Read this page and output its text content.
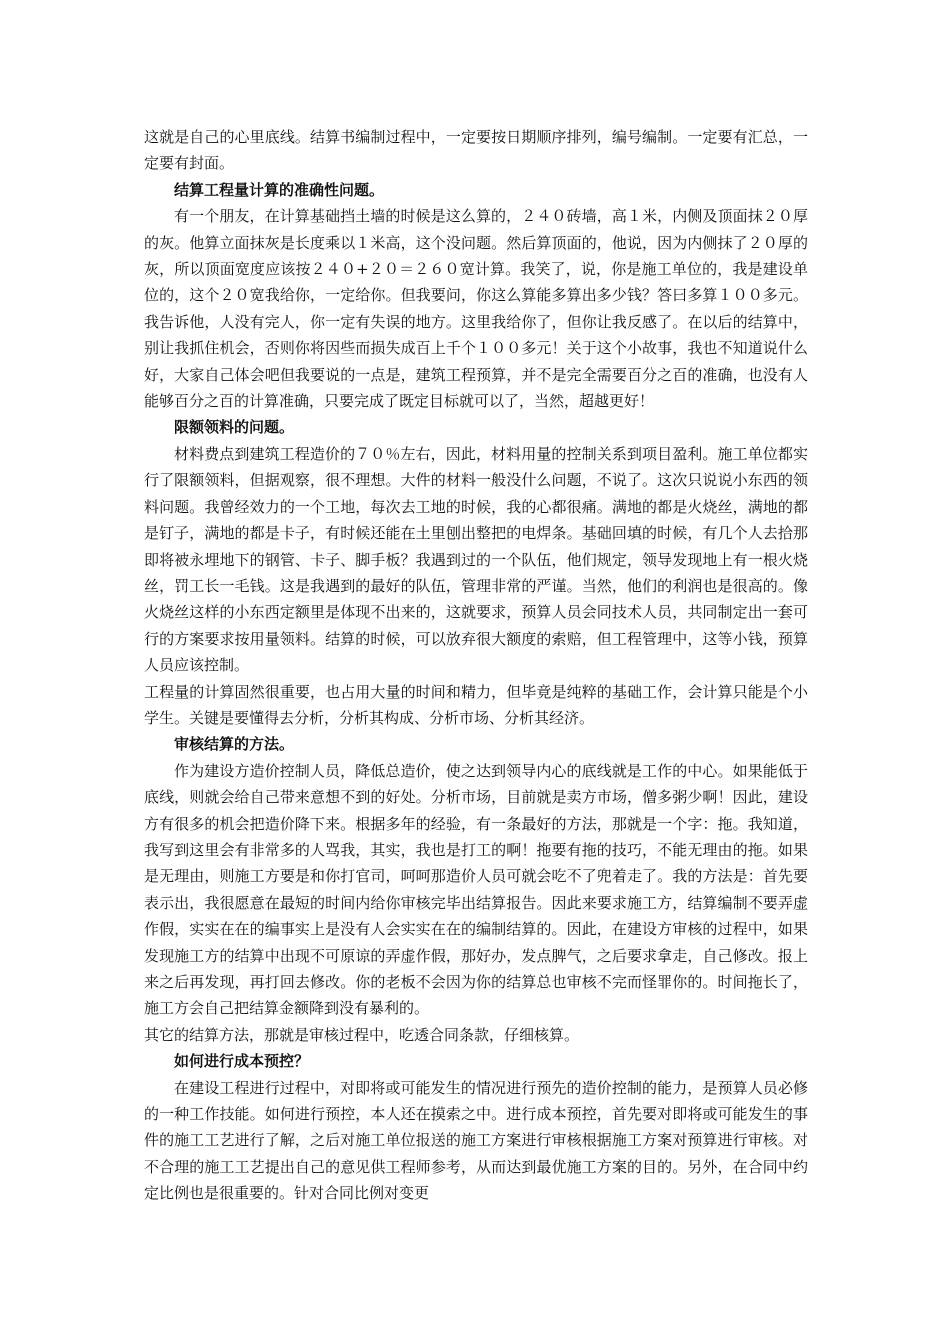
这就是自己的心里底线。结算书编制过程中，一定要按日期顺序排列，编号编制。一定要有汇总，一定要有封面。

结算工程量计算的准确性问题。

有一个朋友，在计算基础挡土墙的时候是这么算的，２４０砖墙，高１米，内侧及顶面抹２０厚的灰。他算立面抹灰是长度乘以１米高，这个没问题。然后算顶面的，他说，因为内侧抹了２０厚的灰，所以顶面宽度应该按２４０+２０＝２６０宽计算。我笑了，说，你是施工单位的，我是建设单位的，这个２０宽我给你，一定给你。但我要问，你这么算能多算出多少钱？答曰多算１００多元。我告诉他，人没有完人，你一定有失误的地方。这里我给你了，但你让我反感了。在以后的结算中，别让我抓住机会，否则你将因些而损失成百上千个１００多元！关于这个小故事，我也不知道说什么好，大家自己体会吧但我要说的一点是，建筑工程预算，并不是完全需要百分之百的准确，也没有人能够百分之百的计算准确，只要完成了既定目标就可以了，当然，超越更好！

限额领料的问题。

材料费点到建筑工程造价的７０％左右，因此，材料用量的控制关系到项目盈利。施工单位都实行了限额领料，但据观察，很不理想。大件的材料一般没什么问题，不说了。这次只说说小东西的领料问题。我曾经效力的一个工地，每次去工地的时候，我的心都很痛。满地的都是火烧丝，满地的都是钉子，满地的都是卡子，有时候还能在土里刨出整把的电焊条。基础回填的时候，有几个人去拾那即将被永埋地下的钢管、卡子、脚手板？我遇到过的一个队伍，他们规定，领导发现地上有一根火烧丝，罚工长一毛钱。这是我遇到的最好的队伍，管理非常的严谨。当然，他们的利润也是很高的。像火烧丝这样的小东西定额里是体现不出来的，这就要求，预算人员会同技术人员，共同制定出一套可行的方案要求按用量领料。结算的时候，可以放弃很大额度的索赔，但工程管理中，这等小钱，预算人员应该控制。

工程量的计算固然很重要，也占用大量的时间和精力，但毕竟是纯粹的基础工作，会计算只能是个小学生。关键是要懂得去分析，分析其构成、分析市场、分析其经济。

审核结算的方法。

作为建设方造价控制人员，降低总造价，使之达到领导内心的底线就是工作的中心。如果能低于底线，则就会给自己带来意想不到的好处。分析市场，目前就是卖方市场，僧多粥少啊！因此，建设方有很多的机会把造价降下来。根据多年的经验，有一条最好的方法，那就是一个字：拖。我知道，我写到这里会有非常多的人骂我，其实，我也是打工的啊！拖要有拖的技巧，不能无理由的拖。如果是无理由，则施工方要是和你打官司，呵呵那造价人员可就会吃不了兜着走了。我的方法是：首先要表示出，我很愿意在最短的时间内给你审核完毕出结算报告。因此来要求施工方，结算编制不要弄虚作假，实实在在的编事实上是没有人会实实在在的编制结算的。因此，在建设方审核的过程中，如果发现施工方的结算中出现不可原谅的弄虚作假，那好办，发点脾气，之后要求拿走，自己修改。报上来之后再发现，再打回去修改。你的老板不会因为你的结算总也审核不完而怪罪你的。时间拖长了，施工方会自己把结算金额降到没有暴利的。

其它的结算方法，那就是审核过程中，吃透合同条款，仔细核算。

如何进行成本预控？

在建设工程进行过程中，对即将或可能发生的情况进行预先的造价控制的能力，是预算人员必修的一种工作技能。如何进行预控，本人还在摸索之中。进行成本预控，首先要对即将或可能发生的事件的施工工艺进行了解，之后对施工单位报送的施工方案进行审核根据施工方案对预算进行审核。对不合理的施工工艺提出自己的意见供工程师参考，从而达到最优施工方案的目的。另外，在合同中约定比例也是很重要的。针对合同比例对变更
